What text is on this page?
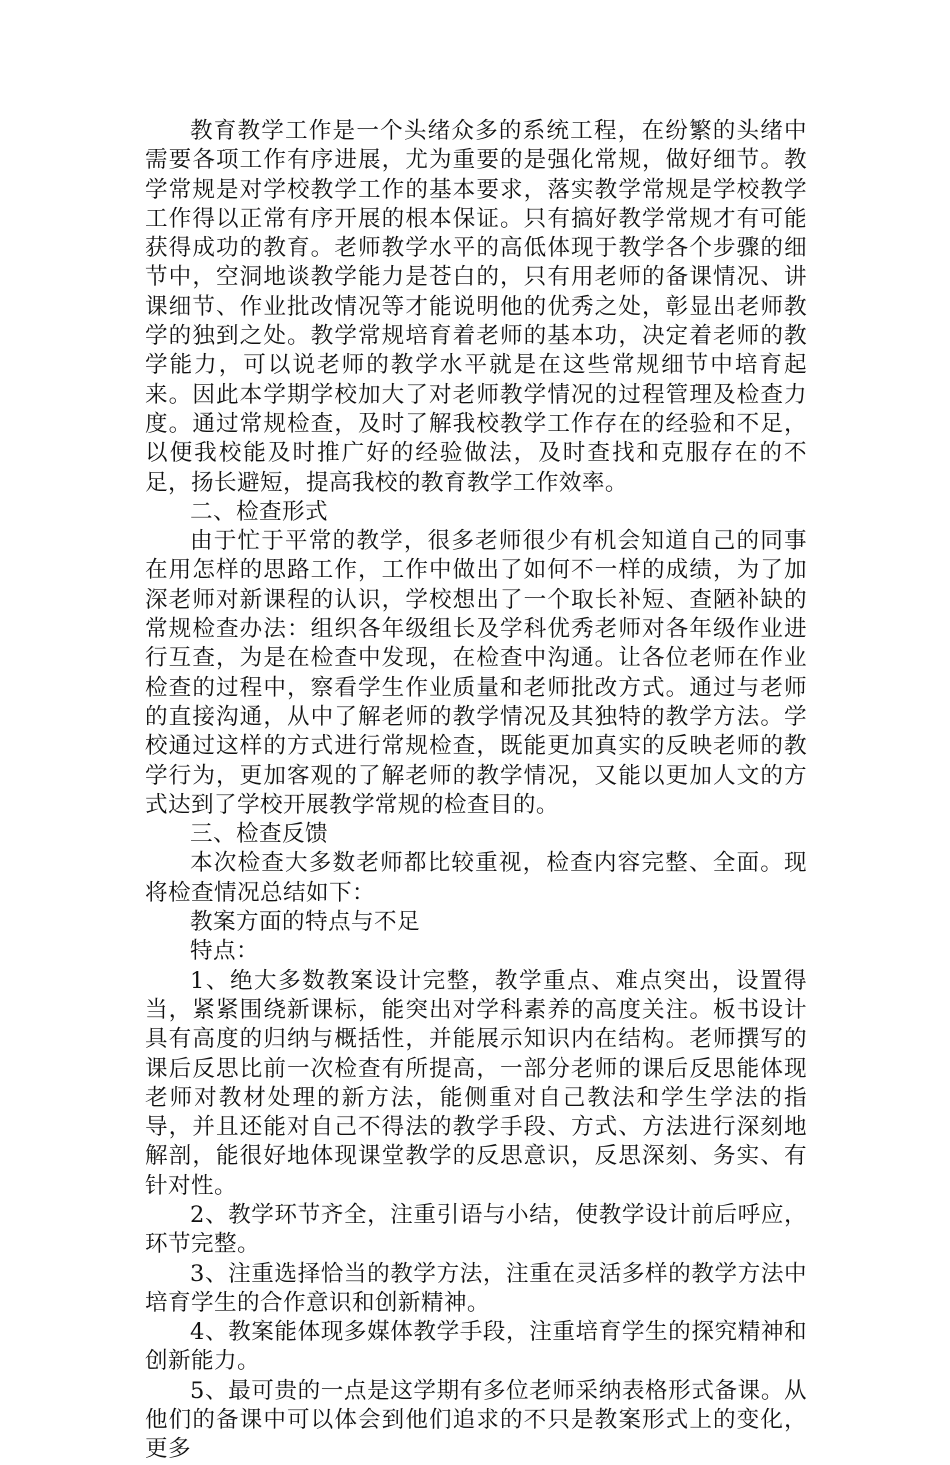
教育教学工作是一个头绪众多的系统工程，在纷繁的头绪中需要各项工作有序进展，尤为重要的是强化常规，做好细节。教学常规是对学校教学工作的基本要求，落实教学常规是学校教学工作得以正常有序开展的根本保证。只有搞好教学常规才有可能获得成功的教育。老师教学水平的高低体现于教学各个步骤的细节中，空洞地谈教学能力是苍白的，只有用老师的备课情况、讲课细节、作业批改情况等才能说明他的优秀之处，彰显出老师教学的独到之处。教学常规培育着老师的基本功，决定着老师的教学能力，可以说老师的教学水平就是在这些常规细节中培育起来。因此本学期学校加大了对老师教学情况的过程管理及检查力度。通过常规检查，及时了解我校教学工作存在的经验和不足，以便我校能及时推广好的经验做法，及时查找和克服存在的不足，扬长避短，提高我校的教育教学工作效率。

二、检查形式

由于忙于平常的教学，很多老师很少有机会知道自己的同事在用怎样的思路工作，工作中做出了如何不一样的成绩，为了加深老师对新课程的认识，学校想出了一个取长补短、查陋补缺的常规检查办法：组织各年级组长及学科优秀老师对各年级作业进行互查，为是在检查中发现，在检查中沟通。让各位老师在作业检查的过程中，察看学生作业质量和老师批改方式。通过与老师的直接沟通，从中了解老师的教学情况及其独特的教学方法。学校通过这样的方式进行常规检查，既能更加真实的反映老师的教学行为，更加客观的了解老师的教学情况，又能以更加人文的方式达到了学校开展教学常规的检查目的。

三、检查反馈

本次检查大多数老师都比较重视，检查内容完整、全面。现将检查情况总结如下：

教案方面的特点与不足

特点：

1、绝大多数教案设计完整，教学重点、难点突出，设置得当，紧紧围绕新课标，能突出对学科素养的高度关注。板书设计具有高度的归纳与概括性，并能展示知识内在结构。老师撰写的课后反思比前一次检查有所提高，一部分老师的课后反思能体现老师对教材处理的新方法，能侧重对自己教法和学生学法的指导，并且还能对自己不得法的教学手段、方式、方法进行深刻地解剖，能很好地体现课堂教学的反思意识，反思深刻、务实、有针对性。

2、教学环节齐全，注重引语与小结，使教学设计前后呼应，环节完整。

3、注重选择恰当的教学方法，注重在灵活多样的教学方法中培育学生的合作意识和创新精神。

4、教案能体现多媒体教学手段，注重培育学生的探究精神和创新能力。

5、最可贵的一点是这学期有多位老师采纳表格形式备课。从他们的备课中可以体会到他们追求的不只是教案形式上的变化，更多
